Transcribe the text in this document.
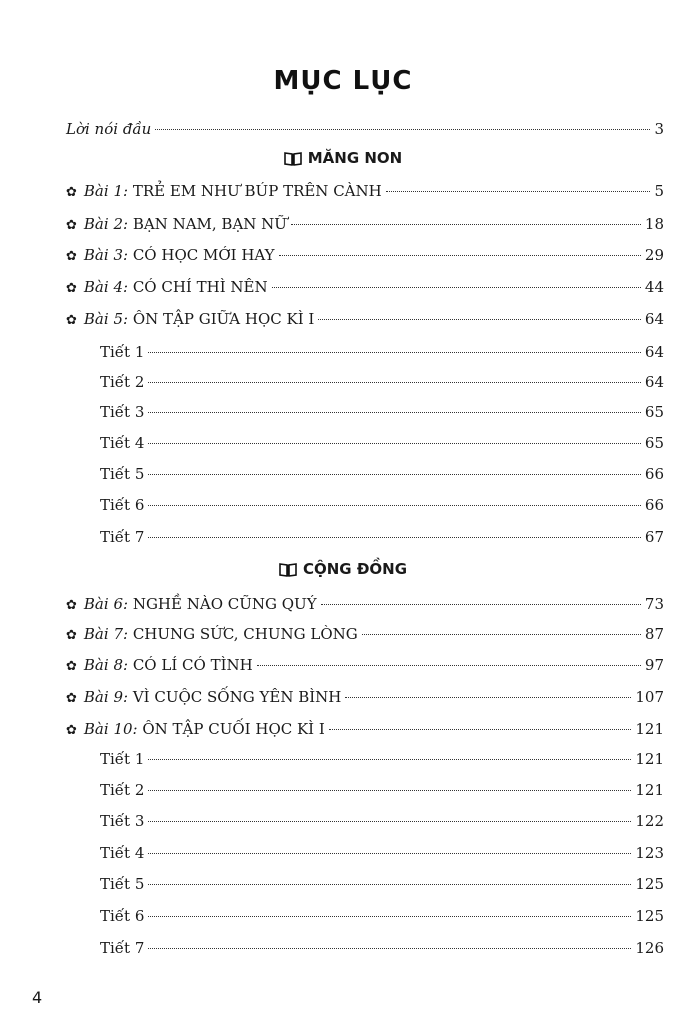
MỤC LỤC
Lời nói đầu	3
MĂNG NON
✿ Bài 1: TRẺ EM NHƯ BÚP TRÊN CÀNH	5
✿ Bài 2: BẠN NAM, BẠN NỮ	18
✿ Bài 3: CÓ HỌC MỚI HAY	29
✿ Bài 4: CÓ CHÍ THÌ NÊN	44
✿ Bài 5: ÔN TẬP GIỮA HỌC KÌ I	64
Tiết 1	64
Tiết 2	64
Tiết 3	65
Tiết 4	65
Tiết 5	66
Tiết 6	66
Tiết 7	67
CỘNG ĐỒNG
✿ Bài 6: NGHỀ NÀO CŨNG QUÝ	73
✿ Bài 7: CHUNG SỨC, CHUNG LÒNG	87
✿ Bài 8: CÓ LÍ CÓ TÌNH	97
✿ Bài 9: VÌ CUỘC SỐNG YÊN BÌNH	107
✿ Bài 10: ÔN TẬP CUỐI HỌC KÌ I	121
Tiết 1	121
Tiết 2	121
Tiết 3	122
Tiết 4	123
Tiết 5	125
Tiết 6	125
Tiết 7	126
4
